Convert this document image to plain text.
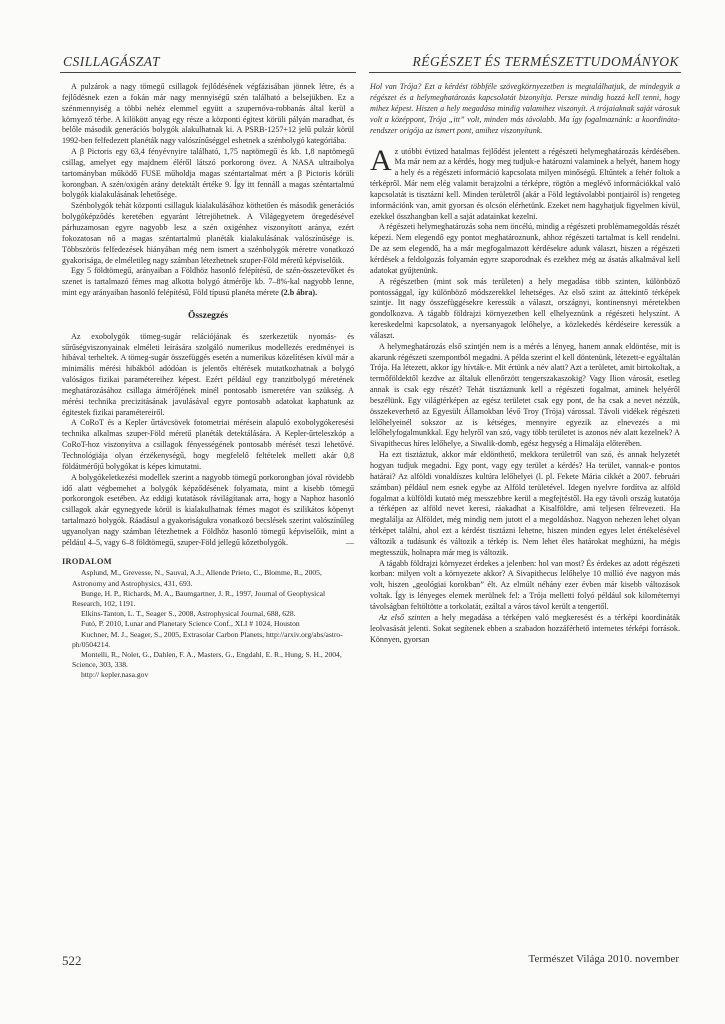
CSILLAGÁSZAT	RÉGÉSZET ÉS TERMÉSZETTUDOMÁNYOK

A pulzárok a nagy tömegű csillagok fejlődésének végfázisában jönnek létre, és a fejlődésnek ezen a fokán már nagy mennyiségű szén található a belsejükben. Ez a szénmennyiség a többi nehéz elemmel együtt a szupernóva-robbanás által kerül a környező térbe. A kilökött anyag egy része a központi égitest körüli pályán maradhat, és belőle második generációs bolygók alakulhatnak ki. A PSRB-1257+12 jelű pulzár körül 1992-ben felfedezett planéták nagy valószínűséggel eshetnek a szénbolygó kategóriába.

A β Pictoris egy 63,4 fényévnyire található, 1,75 naptömegű és kb. 1,8 naptömegű csillag, amelyet egy majdnem éléről látszó porkorong övez. A NASA ultraibolya tartományban működő FUSE műholdja magas széntartalmat mért a β Pictoris körüli korongban. A szén/oxigén arány detektált értéke 9. Így itt fennáll a magas széntartalmú bolygók kialakulásának lehetősége.

Szénbolygók tehát központi csillaguk kialakulásához köthetően és második generációs bolygóképződés keretében egyaránt létrejöhetnek. A Világegyetem öregedésével párhuzamosan egyre nagyobb lesz a szén oxigénhez viszonyított aránya, ezért fokozatosan nő a magas széntartalmú planéták kialakulásának valószínűsége is. Többszörös felfedezések hiányában még nem ismert a szénbolygók méretre vonatkozó gyakorisága, de elméletileg nagy számban létezhetnek szuper-Föld méretű képviselőik.

Egy 5 földtömegű, arányaiban a Földhöz hasonló felépítésű, de szén-összetevőket és szenet is tartalmazó fémes mag alkotta bolygó átmérője kb. 7–8%-kal nagyobb lenne, mint egy arányaiban hasonló felépítésű, Föld típusú planéta mérete (2.b ábra).

Összegzés

Az exobolygók tömeg-sugár relációjának és szerkezetük nyomás- és sűrűségviszonyainak elméleti leírására szolgáló numerikus modellezés eredményei is hibával terheltek. A tömeg-sugár összefüggés esetén a numerikus közelítésen kívül már a minimális mérési hibákból adódóan is jelentős eltérések mutatkozhatnak a bolygó valóságos fizikai paramétereihez képest. Ezért például egy tranzitbolygó méretének meghatározásához csillaga átmérőjének minél pontosabb ismeretére van szükség. A mérési technika precizitásának javulásával egyre pontosabb adatokat kaphatunk az égitestek fizikai paramétereiről.

A CoRoT és a Kepler űrtávcsövek fotometriai mérésein alapuló exobolygókeresési technika alkalmas szuper-Föld méretű planéták detektálására. A Kepler-űrteleszkóp a CoRoT-hoz viszonyítva a csillagok fényességének pontosabb mérését teszi lehetővé. Technológiája olyan érzékenységű, hogy megfelelő feltételek mellett akár 0,8 földátmérőjű bolygókat is képes kimutatni.

A bolygókeletkezési modellek szerint a nagyobb tömegű porkorongban jóval rövidebb idő alatt végbemehet a bolygók képződésének folyamata, mint a kisebb tömegű porkorongok esetében. Az eddigi kutatások rávilágítanak arra, hogy a Naphoz hasonló csillagok akár egynegyede körül is kialakulhatnak fémes magot és szilikátos köpenyt tartalmazó bolygók. Ráadásul a gyakoriságukra vonatkozó becslések szerint valószínűleg ugyanolyan nagy számban létezhetnek a Földhöz hasonló tömegű képviselőik, mint a például 4–5, vagy 6–8 földtömegű, szuper-Föld jellegű kőzetbolygók.	—

IRODALOM

Asplund, M., Grevesse, N., Sauval, A.J., Allende Prieto, C., Blomme, R., 2005, Astronomy and Astrophysics, 431, 693.

Bunge, H. P., Richards, M. A., Baumgartner, J. R., 1997, Journal of Geophysical Research, 102, 1191.

Elkins-Tanton, L. T., Seager S., 2008, Astrophysical Journal, 688, 628.

Futó, P. 2010, Lunar and Planetary Science Conf., XLI # 1024, Houston

Kuchner, M. J., Seager, S., 2005, Extrasolar Carbon Planets, http://arxiv.org/abs/astro-ph/0504214.

Montelli, R., Nolet, G., Dahlen, F. A., Masters, G., Engdahl, E. R., Hung, S. H., 2004, Science, 303, 338.

http:// kepler.nasa.gov

Hol van Trója? Ezt a kérdést többféle szövegkörnyezetben is megtalálhatjuk, de mindegyik a régészet és a helymeghatározás kapcsolatát bizonyítja. Persze mindig hozzá kell tenni, hogy mihez képest. Hiszen a hely megadása mindig valamihez viszonyít. A trójaiaknak saját városuk volt a középpont, Trója „itt” volt, minden más távolabb. Ma így fogalmaznánk: a koordináta-rendszer origója az ismert pont, amihez viszonyítunk.

Az utóbbi évtized hatalmas fejlődést jelentett a régészeti helymeghatározás kérdésében. Ma már nem az a kérdés, hogy meg tudjuk-e határozni valaminek a helyét, hanem hogy a hely és a régészeti információ kapcsolata milyen minőségű. Eltűntek a fehér foltok a térképről. Már nem elég valamit berajzolni a térképre, rögtön a meglévő információkkal való kapcsolatát is tisztázni kell. Minden területről (akár a Föld legtávolabbi pontjairól is) rengeteg információnk van, amit gyorsan és olcsón elérhetünk. Ezeket nem hagyhatjuk figyelmen kívül, ezekkel összhangban kell a saját adatainkat kezelni.

A régészeti helymeghatározás soha nem öncélú, mindig a régészeti problémamegoldás részét képezi. Nem elegendő egy pontot meghatároznunk, ahhoz régészeti tartalmat is kell rendelni. De az sem elegendő, ha a már megfogalmazott kérdésekre adunk választ, hiszen a régészeti kérdések a feldolgozás folyamán egyre szaporodnak és ezekhez még az ásatás alkalmával kell adatokat gyűjtenünk.

A régészetben (mint sok más területen) a hely megadása több szinten, különböző pontossággal, így különböző módszerekkel lehetséges. Az első szint az áttekintő térképek szintje. Itt nagy összefüggésekre keressük a választ, országnyi, kontinensnyi méretekben gondolkozva. A tágabb földrajzi környezetben kell elhelyeznünk a régészeti helyszínt. A kereskedelmi kapcsolatok, a nyersanyagok lelőhelye, a közlekedés kérdéseire keressük a választ.

A helymeghatározás első szintjén nem is a mérés a lényeg, hanem annak eldöntése, mit is akarunk régészeti szempontból megadni. A példa szerint el kell döntenünk, létezett-e egyáltalán Trója. Ha létezett, akkor így hívták-e. Mit értünk a név alatt? Azt a területet, amit birtokoltak, a termőföldektől kezdve az általuk ellenőrzött tengerszakaszokig? Vagy Ilion városát, esetleg annak is csak egy részét? Tehát tisztáznunk kell a régészeti fogalmat, aminek helyéről beszélünk. Egy világtérképen az egész területet csak egy pont, de ha csak a nevet nézzük, összekeverhető az Egyesült Államokban lévő Troy (Trója) várossal. Távoli vidékek régészeti lelőhelyeinél sokszor az is kétséges, mennyire egyezik az elnevezés a mi lelőhelyfogalmunkkal. Egy helyről van szó, vagy több területet is azonos név alatt kezelnek? A Sivapithecus híres lelőhelye, a Siwalik-domb, egész hegység a Himalája előterében.

Ha ezt tisztáztuk, akkor már eldönthető, mekkora területről van szó, és annak helyzetét hogyan tudjuk megadni. Egy pont, vagy egy terület a kérdés? Ha terület, vannak-e pontos határai? Az alföldi vonaldíszes kultúra lelőhelyei (l. pl. Fekete Mária cikkét a 2007. februári számban) például nem esnek egybe az Alföld területével. Idegen nyelvre fordítva az alföld fogalmat a külföldi kutató még messzebbre kerül a megfejtéstől. Ha egy távoli ország kutatója a térképen az alföld nevet keresi, ráakadhat a Kisalföldre, ami teljesen félrevezeti. Ha megtalálja az Alföldet, még mindig nem jutott el a megoldáshoz. Nagyon nehezen lehet olyan térképet találni, ahol ezt a kérdést tisztázni lehetne, hiszen minden egyes lelet értékelésével változik a tudásunk és változik a térkép is. Nem lehet éles határokat meghúzni, ha mégis megtesszük, holnapra már meg is változik.

A tágabb földrajzi környezet érdekes a jelenben: hol van most? És érdekes az adott régészeti korban: milyen volt a környezete akkor? A Sivapithecus lelőhelye 10 millió éve nagyon más volt, hiszen „geológiai korokban” élt. Az elmúlt néhány ezer évben már kisebb változások voltak. Így is lényeges elemek merülnek fel: a Trója melletti folyó például sok kilométernyi távolságban feltöltötte a torkolatát, ezáltal a város távol került a tengertől.

Az első szinten a hely megadása a térképen való megkeresést és a térképi koordináták leolvasását jelenti. Sokat segítenek ebben a szabadon hozzáférhető internetes térképi források. Könnyen, gyorsan

522	Természet Világa 2010. november
